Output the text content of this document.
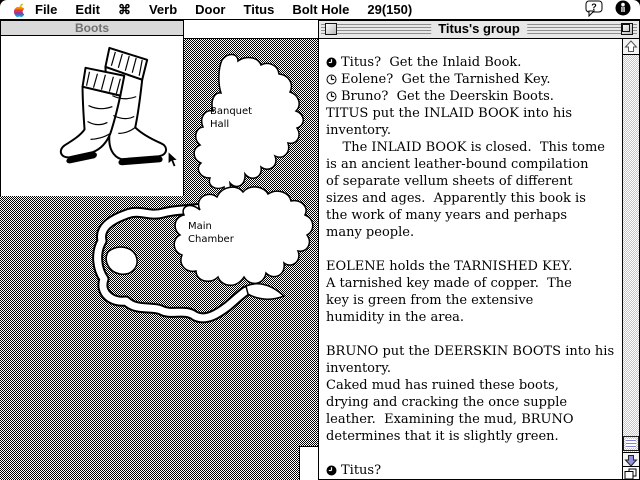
File Edit ⌘ Verb Door Titus Bolt Hole 29(150)	?
Banquet
Hall
Main
Chamber
Boots	Titus's group
Titus?  Get the Inlaid Book.
Eolene?  Get the Tarnished Key.
Bruno?  Get the Deerskin Boots.
TITUS put the INLAID BOOK into his
inventory.
The INLAID BOOK is closed.  This tome
is an ancient leather-bound compilation
of separate vellum sheets of different
sizes and ages.  Apparently this book is
the work of many years and perhaps
many people.
EOLENE holds the TARNISHED KEY.
A tarnished key made of copper.  The
key is green from the extensive
humidity in the area.
BRUNO put the DEERSKIN BOOTS into his
inventory.
Caked mud has ruined these boots,
drying and cracking the once supple
leather.  Examining the mud, BRUNO
determines that it is slightly green.
Titus?
